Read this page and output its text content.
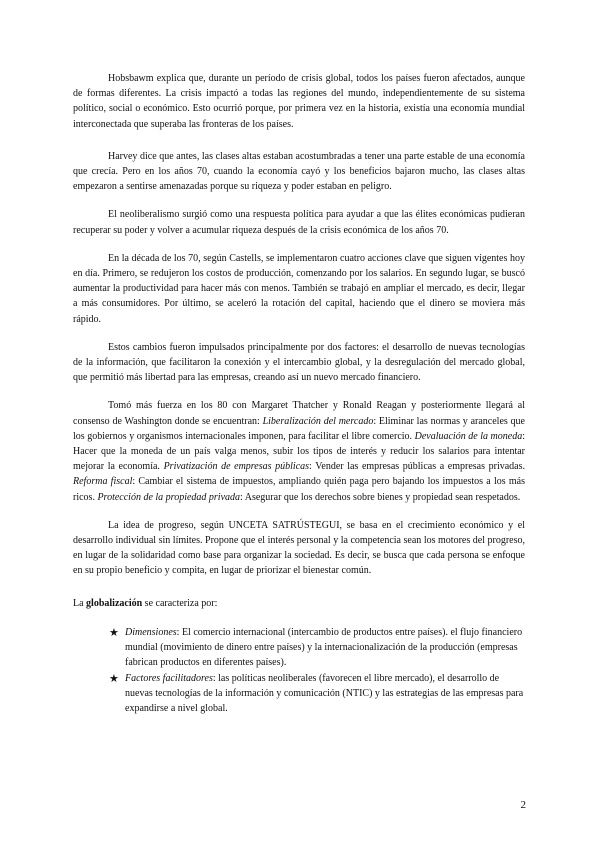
Hobsbawm explica que, durante un período de crisis global, todos los países fueron afectados, aunque de formas diferentes. La crisis impactó a todas las regiones del mundo, independientemente de su sistema político, social o económico. Esto ocurrió porque, por primera vez en la historia, existía una economía mundial interconectada que superaba las fronteras de los países.

Harvey dice que antes, las clases altas estaban acostumbradas a tener una parte estable de una economía que crecía. Pero en los años 70, cuando la economía cayó y los beneficios bajaron mucho, las clases altas empezaron a sentirse amenazadas porque su riqueza y poder estaban en peligro.

El neoliberalismo surgió como una respuesta política para ayudar a que las élites económicas pudieran recuperar su poder y volver a acumular riqueza después de la crisis económica de los años 70.

En la década de los 70, según Castells, se implementaron cuatro acciones clave que siguen vigentes hoy en día. Primero, se redujeron los costos de producción, comenzando por los salarios. En segundo lugar, se buscó aumentar la productividad para hacer más con menos. También se trabajó en ampliar el mercado, es decir, llegar a más consumidores. Por último, se aceleró la rotación del capital, haciendo que el dinero se moviera más rápido.

Estos cambios fueron impulsados principalmente por dos factores: el desarrollo de nuevas tecnologías de la información, que facilitaron la conexión y el intercambio global, y la desregulación del mercado global, que permitió más libertad para las empresas, creando así un nuevo mercado financiero.

Tomó más fuerza en los 80 con Margaret Thatcher y Ronald Reagan y posteriormente llegará al consenso de Washington donde se encuentran: Liberalización del mercado: Eliminar las normas y aranceles que los gobiernos y organismos internacionales imponen, para facilitar el libre comercio. Devaluación de la moneda: Hacer que la moneda de un país valga menos, subir los tipos de interés y reducir los salarios para intentar mejorar la economía. Privatización de empresas públicas: Vender las empresas públicas a empresas privadas. Reforma fiscal: Cambiar el sistema de impuestos, ampliando quién paga pero bajando los impuestos a los más ricos. Protección de la propiedad privada: Asegurar que los derechos sobre bienes y propiedad sean respetados.

La idea de progreso, según UNCETA SATRÚSTEGUI, se basa en el crecimiento económico y el desarrollo individual sin límites. Propone que el interés personal y la competencia sean los motores del progreso, en lugar de la solidaridad como base para organizar la sociedad. Es decir, se busca que cada persona se enfoque en su propio beneficio y compita, en lugar de priorizar el bienestar común.

La globalización se caracteriza por:

★ Dimensiones: El comercio internacional (intercambio de productos entre países). el flujo financiero mundial (movimiento de dinero entre países) y la internacionalización de la producción (empresas fabrican productos en diferentes países).
★ Factores facilitadores: las políticas neoliberales (favorecen el libre mercado), el desarrollo de nuevas tecnologías de la información y comunicación (NTIC) y las estrategias de las empresas para expandirse a nivel global.
2
